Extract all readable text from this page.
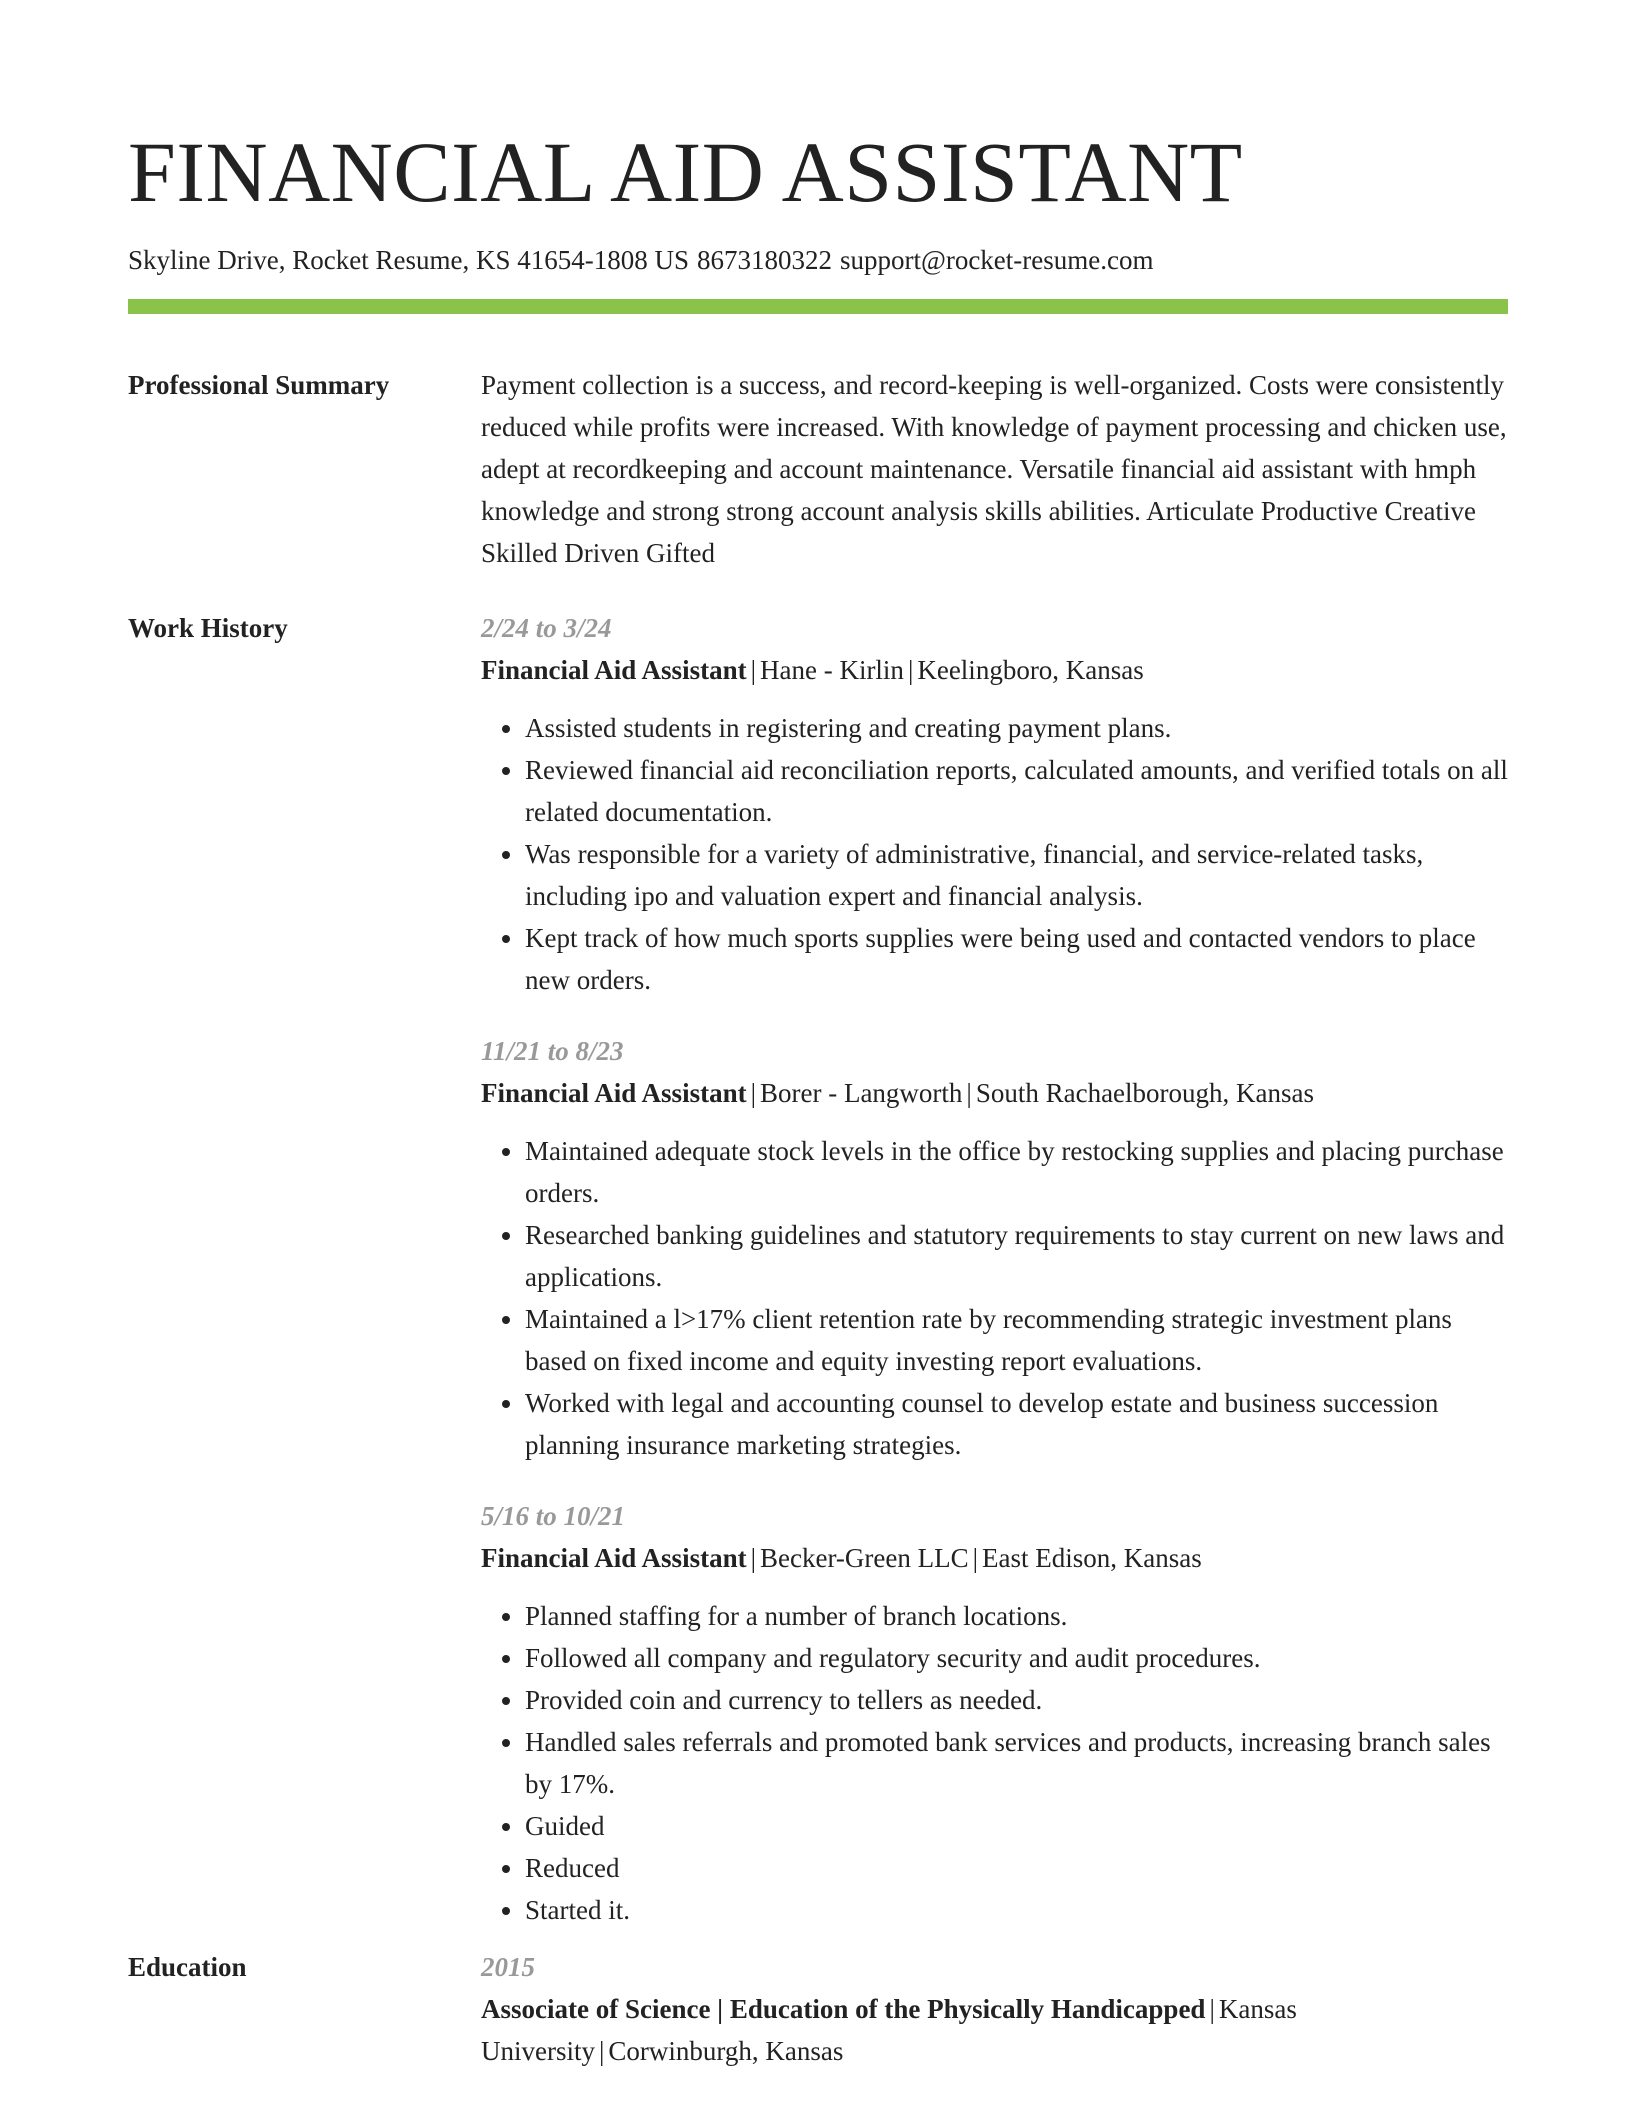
FINANCIAL AID ASSISTANT
Skyline Drive, Rocket Resume, KS 41654-1808 US 8673180322 support@rocket-resume.com
Professional Summary	Payment collection is a success, and record-keeping is well-organized. Costs were consistently reduced while profits were increased. With knowledge of payment processing and chicken use, adept at recordkeeping and account maintenance. Versatile financial aid assistant with hmph knowledge and strong strong account analysis skills abilities. Articulate Productive Creative Skilled Driven Gifted
Work History	2/24 to 3/24
Financial Aid Assistant | Hane - Kirlin | Keelingboro, Kansas
• Assisted students in registering and creating payment plans.
• Reviewed financial aid reconciliation reports, calculated amounts, and verified totals on all related documentation.
• Was responsible for a variety of administrative, financial, and service-related tasks, including ipo and valuation expert and financial analysis.
• Kept track of how much sports supplies were being used and contacted vendors to place new orders.
11/21 to 8/23
Financial Aid Assistant | Borer - Langworth | South Rachaelborough, Kansas
• Maintained adequate stock levels in the office by restocking supplies and placing purchase orders.
• Researched banking guidelines and statutory requirements to stay current on new laws and applications.
• Maintained a l>17% client retention rate by recommending strategic investment plans based on fixed income and equity investing report evaluations.
• Worked with legal and accounting counsel to develop estate and business succession planning insurance marketing strategies.
5/16 to 10/21
Financial Aid Assistant | Becker-Green LLC | East Edison, Kansas
• Planned staffing for a number of branch locations.
• Followed all company and regulatory security and audit procedures.
• Provided coin and currency to tellers as needed.
• Handled sales referrals and promoted bank services and products, increasing branch sales by 17%.
• Guided
• Reduced
• Started it.
Education	2015
Associate of Science | Education of the Physically Handicapped | Kansas University | Corwinburgh, Kansas
